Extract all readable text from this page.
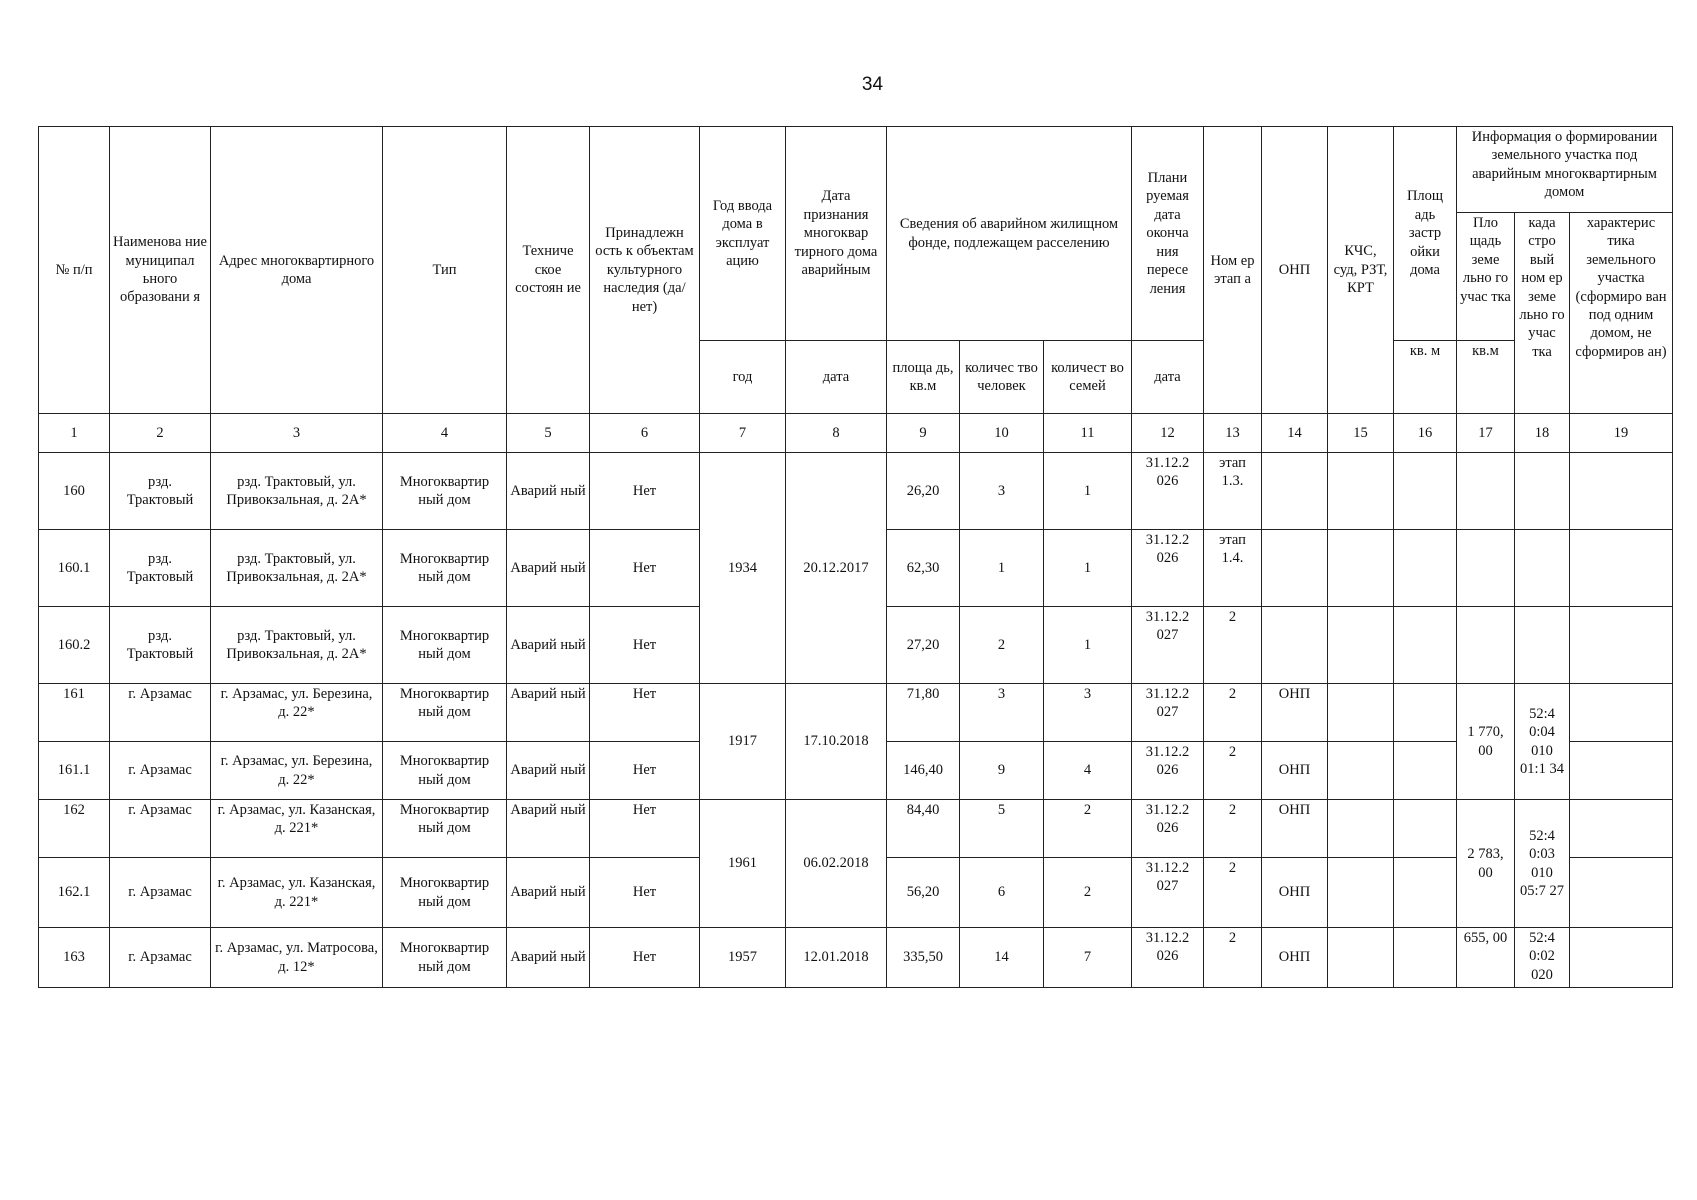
34
№ п/п	Наименова ние муниципал ьного образовани я	Адрес многоквартирного дома	Тип	Техниче ское состоян ие	Принадлежн ость к объектам культурного наследия (да/нет)	Год ввода дома в эксплуат ацию	Дата признания многоквар тирного дома аварийным	Сведения об аварийном жилищном фонде, подлежащем расселению			Плани руемая дата оконча ния пересе ления	Ном ер этап а	ОНП	КЧС, суд, РЗТ, КРТ	Площ адь застр ойки дома	Информация о формировании земельного участка под аварийным многоквартирным домом		
																Пло щадь земе льно го учас тка	када стро вый ном ер земе льно го учас тка	характерис тика земельного участка (сформиро ван под одним домом, не сформиров ан)
						год	дата	площа дь, кв.м	количес тво человек	количест во семей	дата				кв. м	кв.м		
1	2	3	4	5	6	7	8	9	10	11	12	13	14	15	16	17	18	19
160	рзд. Трактовый	рзд. Трактовый, ул. Привокзальная, д. 2А*	Многоквартир ный дом	Аварий ный	Нет	1934	20.12.2017	26,20	3	1	31.12.2 026	этап 1.3.						
160.1	рзд. Трактовый	рзд. Трактовый, ул. Привокзальная, д. 2А*	Многоквартир ный дом	Аварий ный	Нет			62,30	1	1	31.12.2 026	этап 1.4.						
160.2	рзд. Трактовый	рзд. Трактовый, ул. Привокзальная, д. 2А*	Многоквартир ный дом	Аварий ный	Нет			27,20	2	1	31.12.2 027	2						
161	г. Арзамас	г. Арзамас, ул. Березина, д. 22*	Многоквартир ный дом	Аварий ный	Нет	1917	17.10.2018	71,80	3	3	31.12.2 027	2	ОНП			1 770, 00	52:4 0:04 010 01:1 34	
161.1	г. Арзамас	г. Арзамас, ул. Березина, д. 22*	Многоквартир ный дом	Аварий ный	Нет			146,40	9	4	31.12.2 026	2	ОНП					
162	г. Арзамас	г. Арзамас, ул. Казанская, д. 221*	Многоквартир ный дом	Аварий ный	Нет	1961	06.02.2018	84,40	5	2	31.12.2 026	2	ОНП			2 783, 00	52:4 0:03 010 05:7 27	
162.1	г. Арзамас	г. Арзамас, ул. Казанская, д. 221*	Многоквартир ный дом	Аварий ный	Нет			56,20	6	2	31.12.2 027	2	ОНП					
163	г. Арзамас	г. Арзамас, ул. Матросова, д. 12*	Многоквартир ный дом	Аварий ный	Нет	1957	12.01.2018	335,50	14	7	31.12.2 026	2	ОНП			655, 00	52:4 0:02 020	
